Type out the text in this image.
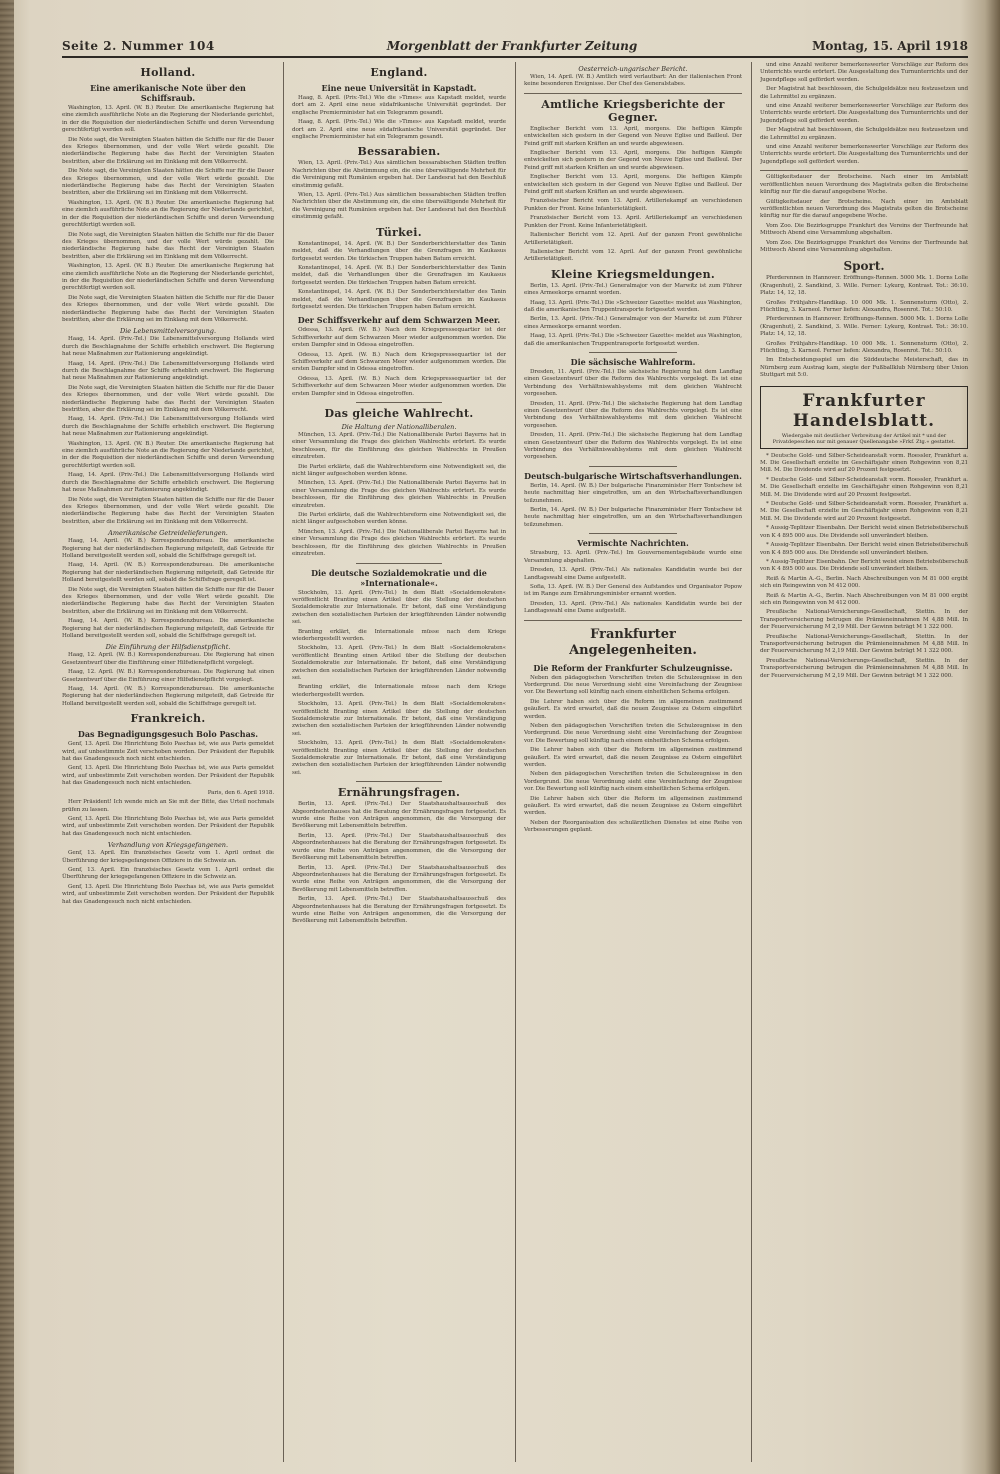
Seite 2. Nummer 104	Morgenblatt der Frankfurter Zeitung	Montag, 15. April 1918
Holland.
Eine amerikanische Note über den Schiffsraub.

Washington, 13. April. (W. B.) Reuter. Die amerikanische Regierung hat eine ziemlich ausführliche Note an die Regierung der Niederlande gerichtet, in der die Requisition der niederländischen Schiffe und deren Verwendung gerechtfertigt werden soll.

Die Note sagt, die Vereinigten Staaten hätten die Schiffe nur für die Dauer des Krieges übernommen, und der volle Wert würde gezahlt. Die niederländische Regierung habe das Recht der Vereinigten Staaten bestritten, aber die Erklärung sei im Einklang mit dem Völkerrecht.

Die Note sagt, die Vereinigten Staaten hätten die Schiffe nur für die Dauer des Krieges übernommen, und der volle Wert würde gezahlt. Die niederländische Regierung habe das Recht der Vereinigten Staaten bestritten, aber die Erklärung sei im Einklang mit dem Völkerrecht.

Washington, 13. April. (W. B.) Reuter. Die amerikanische Regierung hat eine ziemlich ausführliche Note an die Regierung der Niederlande gerichtet, in der die Requisition der niederländischen Schiffe und deren Verwendung gerechtfertigt werden soll.

Die Note sagt, die Vereinigten Staaten hätten die Schiffe nur für die Dauer des Krieges übernommen, und der volle Wert würde gezahlt. Die niederländische Regierung habe das Recht der Vereinigten Staaten bestritten, aber die Erklärung sei im Einklang mit dem Völkerrecht.

Washington, 13. April. (W. B.) Reuter. Die amerikanische Regierung hat eine ziemlich ausführliche Note an die Regierung der Niederlande gerichtet, in der die Requisition der niederländischen Schiffe und deren Verwendung gerechtfertigt werden soll.

Die Note sagt, die Vereinigten Staaten hätten die Schiffe nur für die Dauer des Krieges übernommen, und der volle Wert würde gezahlt. Die niederländische Regierung habe das Recht der Vereinigten Staaten bestritten, aber die Erklärung sei im Einklang mit dem Völkerrecht.

Die Lebensmittelversorgung.

Haag, 14. April. (Priv.-Tel.) Die Lebensmittelversorgung Hollands wird durch die Beschlagnahme der Schiffe erheblich erschwert. Die Regierung hat neue Maßnahmen zur Rationierung angekündigt.

Haag, 14. April. (Priv.-Tel.) Die Lebensmittelversorgung Hollands wird durch die Beschlagnahme der Schiffe erheblich erschwert. Die Regierung hat neue Maßnahmen zur Rationierung angekündigt.

Die Note sagt, die Vereinigten Staaten hätten die Schiffe nur für die Dauer des Krieges übernommen, und der volle Wert würde gezahlt. Die niederländische Regierung habe das Recht der Vereinigten Staaten bestritten, aber die Erklärung sei im Einklang mit dem Völkerrecht.

Haag, 14. April. (Priv.-Tel.) Die Lebensmittelversorgung Hollands wird durch die Beschlagnahme der Schiffe erheblich erschwert. Die Regierung hat neue Maßnahmen zur Rationierung angekündigt.

Washington, 13. April. (W. B.) Reuter. Die amerikanische Regierung hat eine ziemlich ausführliche Note an die Regierung der Niederlande gerichtet, in der die Requisition der niederländischen Schiffe und deren Verwendung gerechtfertigt werden soll.

Haag, 14. April. (Priv.-Tel.) Die Lebensmittelversorgung Hollands wird durch die Beschlagnahme der Schiffe erheblich erschwert. Die Regierung hat neue Maßnahmen zur Rationierung angekündigt.

Die Note sagt, die Vereinigten Staaten hätten die Schiffe nur für die Dauer des Krieges übernommen, und der volle Wert würde gezahlt. Die niederländische Regierung habe das Recht der Vereinigten Staaten bestritten, aber die Erklärung sei im Einklang mit dem Völkerrecht.

Amerikanische Getreidelieferungen.

Haag, 14. April. (W. B.) Korrespondenzbureau. Die amerikanische Regierung hat der niederländischen Regierung mitgeteilt, daß Getreide für Holland bereitgestellt werden soll, sobald die Schiffsfrage geregelt ist.

Haag, 14. April. (W. B.) Korrespondenzbureau. Die amerikanische Regierung hat der niederländischen Regierung mitgeteilt, daß Getreide für Holland bereitgestellt werden soll, sobald die Schiffsfrage geregelt ist.

Die Note sagt, die Vereinigten Staaten hätten die Schiffe nur für die Dauer des Krieges übernommen, und der volle Wert würde gezahlt. Die niederländische Regierung habe das Recht der Vereinigten Staaten bestritten, aber die Erklärung sei im Einklang mit dem Völkerrecht.

Haag, 14. April. (W. B.) Korrespondenzbureau. Die amerikanische Regierung hat der niederländischen Regierung mitgeteilt, daß Getreide für Holland bereitgestellt werden soll, sobald die Schiffsfrage geregelt ist.

Die Einführung der Hilfsdienstpflicht.

Haag, 12. April. (W. B.) Korrespondenzbureau. Die Regierung hat einen Gesetzentwurf über die Einführung einer Hilfsdienstpflicht vorgelegt.

Haag, 12. April. (W. B.) Korrespondenzbureau. Die Regierung hat einen Gesetzentwurf über die Einführung einer Hilfsdienstpflicht vorgelegt.

Haag, 14. April. (W. B.) Korrespondenzbureau. Die amerikanische Regierung hat der niederländischen Regierung mitgeteilt, daß Getreide für Holland bereitgestellt werden soll, sobald die Schiffsfrage geregelt ist.

Frankreich.
Das Begnadigungsgesuch Bolo Paschas.

Genf, 13. April. Die Hinrichtung Bolo Paschas ist, wie aus Paris gemeldet wird, auf unbestimmte Zeit verschoben worden. Der Präsident der Republik hat das Gnadengesuch noch nicht entschieden.

Genf, 13. April. Die Hinrichtung Bolo Paschas ist, wie aus Paris gemeldet wird, auf unbestimmte Zeit verschoben worden. Der Präsident der Republik hat das Gnadengesuch noch nicht entschieden.

Paris, den 6. April 1918.

Herr Präsident! Ich wende mich an Sie mit der Bitte, das Urteil nochmals prüfen zu lassen.

Genf, 13. April. Die Hinrichtung Bolo Paschas ist, wie aus Paris gemeldet wird, auf unbestimmte Zeit verschoben worden. Der Präsident der Republik hat das Gnadengesuch noch nicht entschieden.

Verhandlung von Kriegsgefangenen.

Genf, 13. April. Ein französisches Gesetz vom 1. April ordnet die Überführung der kriegsgefangenen Offiziere in die Schweiz an.

Genf, 13. April. Ein französisches Gesetz vom 1. April ordnet die Überführung der kriegsgefangenen Offiziere in die Schweiz an.

Genf, 13. April. Die Hinrichtung Bolo Paschas ist, wie aus Paris gemeldet wird, auf unbestimmte Zeit verschoben worden. Der Präsident der Republik hat das Gnadengesuch noch nicht entschieden.

England.
Eine neue Universität in Kapstadt.

Haag, 8. April. (Priv.-Tel.) Wie die »Times« aus Kapstadt meldet, wurde dort am 2. April eine neue südafrikanische Universität gegründet. Der englische Premierminister hat ein Telegramm gesandt.

Haag, 8. April. (Priv.-Tel.) Wie die »Times« aus Kapstadt meldet, wurde dort am 2. April eine neue südafrikanische Universität gegründet. Der englische Premierminister hat ein Telegramm gesandt.

Bessarabien.

Wien, 13. April. (Priv.-Tel.) Aus sämtlichen bessarabischen Städten treffen Nachrichten über die Abstimmung ein, die eine überwältigende Mehrheit für die Vereinigung mit Rumänien ergeben hat. Der Landesrat hat den Beschluß einstimmig gefaßt.

Wien, 13. April. (Priv.-Tel.) Aus sämtlichen bessarabischen Städten treffen Nachrichten über die Abstimmung ein, die eine überwältigende Mehrheit für die Vereinigung mit Rumänien ergeben hat. Der Landesrat hat den Beschluß einstimmig gefaßt.

Türkei.

Konstantinopel, 14. April. (W. B.) Der Sonderberichterstatter des Tanin meldet, daß die Verhandlungen über die Grenzfragen im Kaukasus fortgesetzt werden. Die türkischen Truppen haben Batum erreicht.

Konstantinopel, 14. April. (W. B.) Der Sonderberichterstatter des Tanin meldet, daß die Verhandlungen über die Grenzfragen im Kaukasus fortgesetzt werden. Die türkischen Truppen haben Batum erreicht.

Konstantinopel, 14. April. (W. B.) Der Sonderberichterstatter des Tanin meldet, daß die Verhandlungen über die Grenzfragen im Kaukasus fortgesetzt werden. Die türkischen Truppen haben Batum erreicht.

Der Schiffsverkehr auf dem Schwarzen Meer.

Odessa, 13. April. (W. B.) Nach dem Kriegspressequartier ist der Schiffsverkehr auf dem Schwarzen Meer wieder aufgenommen worden. Die ersten Dampfer sind in Odessa eingetroffen.

Odessa, 13. April. (W. B.) Nach dem Kriegspressequartier ist der Schiffsverkehr auf dem Schwarzen Meer wieder aufgenommen worden. Die ersten Dampfer sind in Odessa eingetroffen.

Odessa, 13. April. (W. B.) Nach dem Kriegspressequartier ist der Schiffsverkehr auf dem Schwarzen Meer wieder aufgenommen worden. Die ersten Dampfer sind in Odessa eingetroffen.

Das gleiche Wahlrecht.
Die Haltung der Nationalliberalen.

München, 13. April. (Priv.-Tel.) Die Nationalliberale Partei Bayerns hat in einer Versammlung die Frage des gleichen Wahlrechts erörtert. Es wurde beschlossen, für die Einführung des gleichen Wahlrechts in Preußen einzutreten.

Die Partei erklärte, daß die Wahlrechtsreform eine Notwendigkeit sei, die nicht länger aufgeschoben werden könne.

München, 13. April. (Priv.-Tel.) Die Nationalliberale Partei Bayerns hat in einer Versammlung die Frage des gleichen Wahlrechts erörtert. Es wurde beschlossen, für die Einführung des gleichen Wahlrechts in Preußen einzutreten.

Die Partei erklärte, daß die Wahlrechtsreform eine Notwendigkeit sei, die nicht länger aufgeschoben werden könne.

München, 13. April. (Priv.-Tel.) Die Nationalliberale Partei Bayerns hat in einer Versammlung die Frage des gleichen Wahlrechts erörtert. Es wurde beschlossen, für die Einführung des gleichen Wahlrechts in Preußen einzutreten.

Die deutsche Sozialdemokratie und die »Internationale«.

Stockholm, 13. April. (Priv.-Tel.) In dem Blatt »Socialdemokraten« veröffentlicht Branting einen Artikel über die Stellung der deutschen Sozialdemokratie zur Internationale. Er betont, daß eine Verständigung zwischen den sozialistischen Parteien der kriegführenden Länder notwendig sei.

Branting erklärt, die Internationale müsse nach dem Kriege wiederhergestellt werden.

Stockholm, 13. April. (Priv.-Tel.) In dem Blatt »Socialdemokraten« veröffentlicht Branting einen Artikel über die Stellung der deutschen Sozialdemokratie zur Internationale. Er betont, daß eine Verständigung zwischen den sozialistischen Parteien der kriegführenden Länder notwendig sei.

Branting erklärt, die Internationale müsse nach dem Kriege wiederhergestellt werden.

Stockholm, 13. April. (Priv.-Tel.) In dem Blatt »Socialdemokraten« veröffentlicht Branting einen Artikel über die Stellung der deutschen Sozialdemokratie zur Internationale. Er betont, daß eine Verständigung zwischen den sozialistischen Parteien der kriegführenden Länder notwendig sei.

Stockholm, 13. April. (Priv.-Tel.) In dem Blatt »Socialdemokraten« veröffentlicht Branting einen Artikel über die Stellung der deutschen Sozialdemokratie zur Internationale. Er betont, daß eine Verständigung zwischen den sozialistischen Parteien der kriegführenden Länder notwendig sei.

Ernährungsfragen.

Berlin, 13. April. (Priv.-Tel.) Der Staatshaushaltsausschuß des Abgeordnetenhauses hat die Beratung der Ernährungsfragen fortgesetzt. Es wurde eine Reihe von Anträgen angenommen, die die Versorgung der Bevölkerung mit Lebensmitteln betreffen.

Berlin, 13. April. (Priv.-Tel.) Der Staatshaushaltsausschuß des Abgeordnetenhauses hat die Beratung der Ernährungsfragen fortgesetzt. Es wurde eine Reihe von Anträgen angenommen, die die Versorgung der Bevölkerung mit Lebensmitteln betreffen.

Berlin, 13. April. (Priv.-Tel.) Der Staatshaushaltsausschuß des Abgeordnetenhauses hat die Beratung der Ernährungsfragen fortgesetzt. Es wurde eine Reihe von Anträgen angenommen, die die Versorgung der Bevölkerung mit Lebensmitteln betreffen.

Berlin, 13. April. (Priv.-Tel.) Der Staatshaushaltsausschuß des Abgeordnetenhauses hat die Beratung der Ernährungsfragen fortgesetzt. Es wurde eine Reihe von Anträgen angenommen, die die Versorgung der Bevölkerung mit Lebensmitteln betreffen.

Oesterreich-ungarischer Bericht.

Wien, 14. April. (W. B.) Amtlich wird verlautbart: An der italienischen Front keine besonderen Ereignisse. Der Chef des Generalstabes.

Amtliche Kriegsberichte der Gegner.

Englischer Bericht vom 13. April, morgens. Die heftigen Kämpfe entwickelten sich gestern in der Gegend von Neuve Eglise und Bailleul. Der Feind griff mit starken Kräften an und wurde abgewiesen.

Englischer Bericht vom 13. April, morgens. Die heftigen Kämpfe entwickelten sich gestern in der Gegend von Neuve Eglise und Bailleul. Der Feind griff mit starken Kräften an und wurde abgewiesen.

Englischer Bericht vom 13. April, morgens. Die heftigen Kämpfe entwickelten sich gestern in der Gegend von Neuve Eglise und Bailleul. Der Feind griff mit starken Kräften an und wurde abgewiesen.

Französischer Bericht vom 13. April. Artilleriekampf an verschiedenen Punkten der Front. Keine Infanterietätigkeit.

Französischer Bericht vom 13. April. Artilleriekampf an verschiedenen Punkten der Front. Keine Infanterietätigkeit.

Italienischer Bericht vom 12. April. Auf der ganzen Front gewöhnliche Artillerietätigkeit.

Italienischer Bericht vom 12. April. Auf der ganzen Front gewöhnliche Artillerietätigkeit.

Kleine Kriegsmeldungen.

Berlin, 13. April. (Priv.-Tel.) Generalmajor von der Marwitz ist zum Führer eines Armeekorps ernannt worden.

Haag, 13. April. (Priv.-Tel.) Die »Schweizer Gazette« meldet aus Washington, daß die amerikanischen Truppentransporte fortgesetzt werden.

Berlin, 13. April. (Priv.-Tel.) Generalmajor von der Marwitz ist zum Führer eines Armeekorps ernannt worden.

Haag, 13. April. (Priv.-Tel.) Die »Schweizer Gazette« meldet aus Washington, daß die amerikanischen Truppentransporte fortgesetzt werden.

Die sächsische Wahlreform.

Dresden, 11. April. (Priv.-Tel.) Die sächsische Regierung hat dem Landtag einen Gesetzentwurf über die Reform des Wahlrechts vorgelegt. Es ist eine Verbindung des Verhältniswahlsystems mit dem gleichen Wahlrecht vorgesehen.

Dresden, 11. April. (Priv.-Tel.) Die sächsische Regierung hat dem Landtag einen Gesetzentwurf über die Reform des Wahlrechts vorgelegt. Es ist eine Verbindung des Verhältniswahlsystems mit dem gleichen Wahlrecht vorgesehen.

Dresden, 11. April. (Priv.-Tel.) Die sächsische Regierung hat dem Landtag einen Gesetzentwurf über die Reform des Wahlrechts vorgelegt. Es ist eine Verbindung des Verhältniswahlsystems mit dem gleichen Wahlrecht vorgesehen.

Deutsch-bulgarische Wirtschaftsverhandlungen.

Berlin, 14. April. (W. B.) Der bulgarische Finanzminister Herr Tontschew ist heute nachmittag hier eingetroffen, um an den Wirtschaftsverhandlungen teilzunehmen.

Berlin, 14. April. (W. B.) Der bulgarische Finanzminister Herr Tontschew ist heute nachmittag hier eingetroffen, um an den Wirtschaftsverhandlungen teilzunehmen.

Vermischte Nachrichten.

Strasburg, 13. April. (Priv.-Tel.) Im Gouvernementsgebäude wurde eine Versammlung abgehalten.

Dresden, 13. April. (Priv.-Tel.) Als nationales Kandidatin wurde bei der Landtagswahl eine Dame aufgestellt.

Sofia, 13. April. (W. B.) Der General des Aufstandes und Organisator Popow ist im Range zum Ernährungsminister ernannt worden.

Dresden, 13. April. (Priv.-Tel.) Als nationales Kandidatin wurde bei der Landtagswahl eine Dame aufgestellt.

Frankfurter Angelegenheiten.
Die Reform der Frankfurter Schulzeugnisse.

Neben den pädagogischen Vorschriften treten die Schulzeugnisse in den Vordergrund. Die neue Verordnung sieht eine Vereinfachung der Zeugnisse vor. Die Bewertung soll künftig nach einem einheitlichen Schema erfolgen.

Die Lehrer haben sich über die Reform im allgemeinen zustimmend geäußert. Es wird erwartet, daß die neuen Zeugnisse zu Ostern eingeführt werden.

Neben den pädagogischen Vorschriften treten die Schulzeugnisse in den Vordergrund. Die neue Verordnung sieht eine Vereinfachung der Zeugnisse vor. Die Bewertung soll künftig nach einem einheitlichen Schema erfolgen.

Die Lehrer haben sich über die Reform im allgemeinen zustimmend geäußert. Es wird erwartet, daß die neuen Zeugnisse zu Ostern eingeführt werden.

Neben den pädagogischen Vorschriften treten die Schulzeugnisse in den Vordergrund. Die neue Verordnung sieht eine Vereinfachung der Zeugnisse vor. Die Bewertung soll künftig nach einem einheitlichen Schema erfolgen.

Die Lehrer haben sich über die Reform im allgemeinen zustimmend geäußert. Es wird erwartet, daß die neuen Zeugnisse zu Ostern eingeführt werden.

Neben der Reorganisation des schulärztlichen Dienstes ist eine Reihe von Verbesserungen geplant.

und eine Anzahl weiterer bemerkenswerter Vorschläge zur Reform des Unterrichts wurde erörtert. Die Ausgestaltung des Turnunterrichts und der Jugendpflege soll gefördert werden.

Der Magistrat hat beschlossen, die Schulgeldsätze neu festzusetzen und die Lehrmittel zu ergänzen.

und eine Anzahl weiterer bemerkenswerter Vorschläge zur Reform des Unterrichts wurde erörtert. Die Ausgestaltung des Turnunterrichts und der Jugendpflege soll gefördert werden.

Der Magistrat hat beschlossen, die Schulgeldsätze neu festzusetzen und die Lehrmittel zu ergänzen.

und eine Anzahl weiterer bemerkenswerter Vorschläge zur Reform des Unterrichts wurde erörtert. Die Ausgestaltung des Turnunterrichts und der Jugendpflege soll gefördert werden.

Gültigkeitsdauer der Brotscheine. Nach einer im Amtsblatt veröffentlichten neuen Verordnung des Magistrats gelten die Brotscheine künftig nur für die darauf angegebene Woche.

Gültigkeitsdauer der Brotscheine. Nach einer im Amtsblatt veröffentlichten neuen Verordnung des Magistrats gelten die Brotscheine künftig nur für die darauf angegebene Woche.

Vom Zoo. Die Bezirksgruppe Frankfurt des Vereins der Tierfreunde hat Mittwoch Abend eine Versammlung abgehalten.

Vom Zoo. Die Bezirksgruppe Frankfurt des Vereins der Tierfreunde hat Mittwoch Abend eine Versammlung abgehalten.

Sport.

Pferderennen in Hannover. Eröffnungs-Rennen. 5000 Mk. 1. Dorns Lolle (Kragenhut), 2. Sandkind, 3. Wille. Ferner: Lykurg, Kontrast. Tot.: 36:10. Platz: 14, 12, 18.

Großes Frühjahrs-Handikap. 10 000 Mk. 1. Sonnensturm (Otto), 2. Flüchtling, 3. Karneol. Ferner liefen: Alexandra, Rosenrot. Tot.: 50:10.

Pferderennen in Hannover. Eröffnungs-Rennen. 5000 Mk. 1. Dorns Lolle (Kragenhut), 2. Sandkind, 3. Wille. Ferner: Lykurg, Kontrast. Tot.: 36:10. Platz: 14, 12, 18.

Großes Frühjahrs-Handikap. 10 000 Mk. 1. Sonnensturm (Otto), 2. Flüchtling, 3. Karneol. Ferner liefen: Alexandra, Rosenrot. Tot.: 50:10.

Im Entscheidungsspiel um die Süddeutsche Meisterschaft, das in Nürnberg zum Austrag kam, siegte der Fußballklub Nürnberg über Union Stuttgart mit 5:0.

Frankfurter Handelsblatt.
Wiedergabe mit deutlicher Verbreitung der Artikel mit * und der Privatdepeschen nur mit genauer Quellenangabe »Frkf. Ztg.« gestattet.

* Deutsche Gold- und Silber-Scheideanstalt vorm. Roessler, Frankfurt a. M. Die Gesellschaft erzielte im Geschäftsjahr einen Rohgewinn von 8,21 Mill. M. Die Dividende wird auf 20 Prozent festgesetzt.

* Deutsche Gold- und Silber-Scheideanstalt vorm. Roessler, Frankfurt a. M. Die Gesellschaft erzielte im Geschäftsjahr einen Rohgewinn von 8,21 Mill. M. Die Dividende wird auf 20 Prozent festgesetzt.

* Deutsche Gold- und Silber-Scheideanstalt vorm. Roessler, Frankfurt a. M. Die Gesellschaft erzielte im Geschäftsjahr einen Rohgewinn von 8,21 Mill. M. Die Dividende wird auf 20 Prozent festgesetzt.

* Aussig-Teplitzer Eisenbahn. Der Bericht weist einen Betriebsüberschuß von K 4 895 000 aus. Die Dividende soll unverändert bleiben.

* Aussig-Teplitzer Eisenbahn. Der Bericht weist einen Betriebsüberschuß von K 4 895 000 aus. Die Dividende soll unverändert bleiben.

* Aussig-Teplitzer Eisenbahn. Der Bericht weist einen Betriebsüberschuß von K 4 895 000 aus. Die Dividende soll unverändert bleiben.

Reiß & Martin A.-G., Berlin. Nach Abschreibungen von M 81 000 ergibt sich ein Reingewinn von M 412 000.

Reiß & Martin A.-G., Berlin. Nach Abschreibungen von M 81 000 ergibt sich ein Reingewinn von M 412 000.

Preußische National-Versicherungs-Gesellschaft, Stettin. In der Transportversicherung betrugen die Prämieneinnahmen M 4,88 Mill. In der Feuerversicherung M 2,19 Mill. Der Gewinn beträgt M 1 322 000.

Preußische National-Versicherungs-Gesellschaft, Stettin. In der Transportversicherung betrugen die Prämieneinnahmen M 4,88 Mill. In der Feuerversicherung M 2,19 Mill. Der Gewinn beträgt M 1 322 000.

Preußische National-Versicherungs-Gesellschaft, Stettin. In der Transportversicherung betrugen die Prämieneinnahmen M 4,88 Mill. In der Feuerversicherung M 2,19 Mill. Der Gewinn beträgt M 1 322 000.
